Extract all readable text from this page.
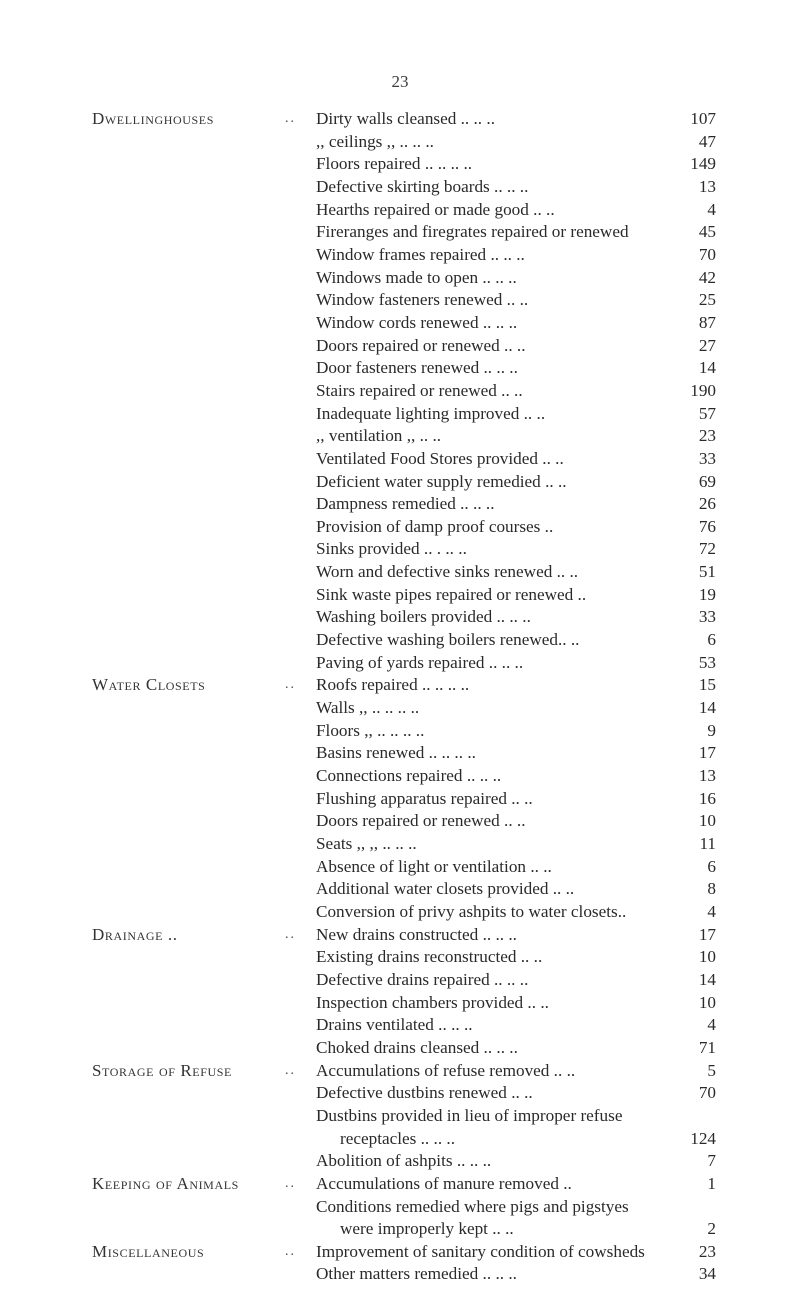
23
Dwellinghouses	.. Dirty walls cleansed .. .. ..	107
,, ceilings ,, .. .. ..	47
Floors repaired .. .. .. ..	149
Defective skirting boards .. .. ..	13
Hearths repaired or made good .. ..	4
Fireranges and firegrates repaired or renewed	45
Window frames repaired .. .. ..	70
Windows made to open .. .. ..	42
Window fasteners renewed .. ..	25
Window cords renewed .. .. ..	87
Doors repaired or renewed .. ..	27
Door fasteners renewed .. .. ..	14
Stairs repaired or renewed .. ..	190
Inadequate lighting improved .. ..	57
,, ventilation ,, .. ..	23
Ventilated Food Stores provided .. ..	33
Deficient water supply remedied .. ..	69
Dampness remedied .. .. ..	26
Provision of damp proof courses ..	76
Sinks provided .. . .. ..	72
Worn and defective sinks renewed .. ..	51
Sink waste pipes repaired or renewed ..	19
Washing boilers provided .. .. ..	33
Defective washing boilers renewed.. ..	6
Paving of yards repaired .. .. ..	53
Water Closets	.. Roofs repaired .. .. .. ..	15
Walls ,, .. .. .. ..	14
Floors ,, .. .. .. ..	9
Basins renewed .. .. .. ..	17
Connections repaired .. .. ..	13
Flushing apparatus repaired .. ..	16
Doors repaired or renewed .. ..	10
Seats ,, ,, .. .. ..	11
Absence of light or ventilation .. ..	6
Additional water closets provided .. ..	8
Conversion of privy ashpits to water closets..	4
Drainage ..	.. New drains constructed .. .. ..	17
Existing drains reconstructed .. ..	10
Defective drains repaired .. .. ..	14
Inspection chambers provided .. ..	10
Drains ventilated .. .. ..	4
Choked drains cleansed .. .. ..	71
Storage of Refuse	.. Accumulations of refuse removed .. ..	5
Defective dustbins renewed .. ..	70
Dustbins provided in lieu of improper refuse
receptacles .. .. ..	124
Abolition of ashpits .. .. ..	7
Keeping of Animals	.. Accumulations of manure removed ..	1
Conditions remedied where pigs and pigstyes
were improperly kept .. ..	2
Miscellaneous	.. Improvement of sanitary condition of cowsheds	23
Other matters remedied .. .. ..	34
